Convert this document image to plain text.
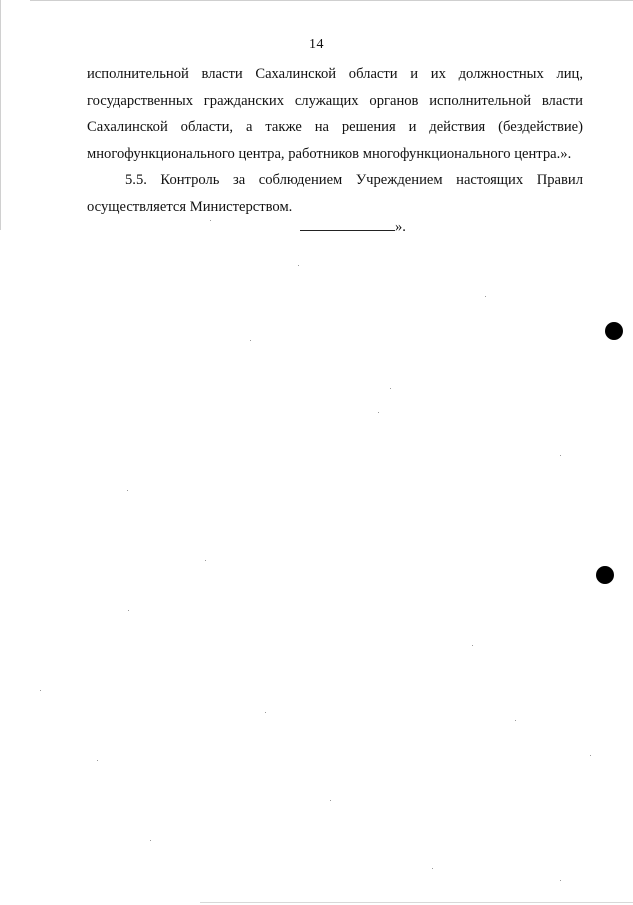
14

исполнительной власти Сахалинской области и их должностных лиц, государственных гражданских служащих органов исполнительной власти Сахалинской области, а также на решения и действия (бездействие) многофункционального центра, работников многофункционального центра.».

5.5. Контроль за соблюдением Учреждением настоящих Правил осуществляется Министерством.

».
